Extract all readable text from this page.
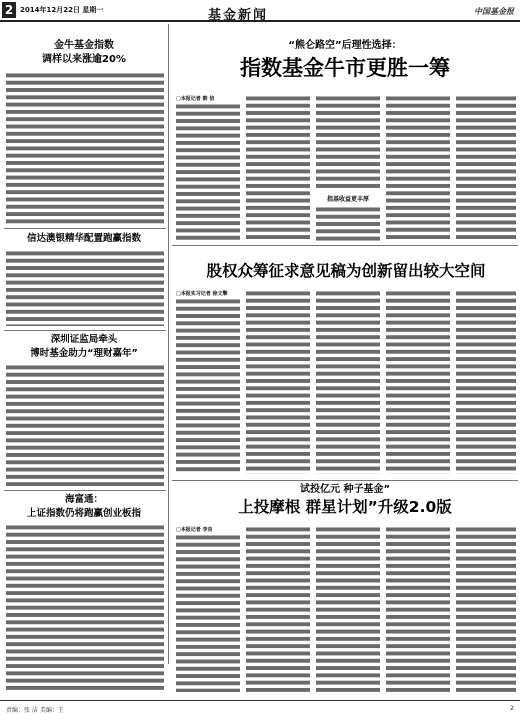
2 2014年12月22日 星期一	基金新闻	中国基金报
金牛基金指数
调样以来涨逾20%
信达澳银精华配置跑赢指数
深圳证监局牵头
博时基金助力“理财嘉年”
海富通：
上证指数仍将跑赢创业板指
“熊仑路空”后理性选择：
指数基金牛市更胜一筹
□本报记者 朝 信
指基收益更丰厚
股权众筹征求意见稿为创新留出较大空间
□本报实习记者 徐文擎
试投亿元 种子基金”
上投摩根 群星计划”升级2.0版
□本报记者 李良
责编：张 洁 美编：王	2
